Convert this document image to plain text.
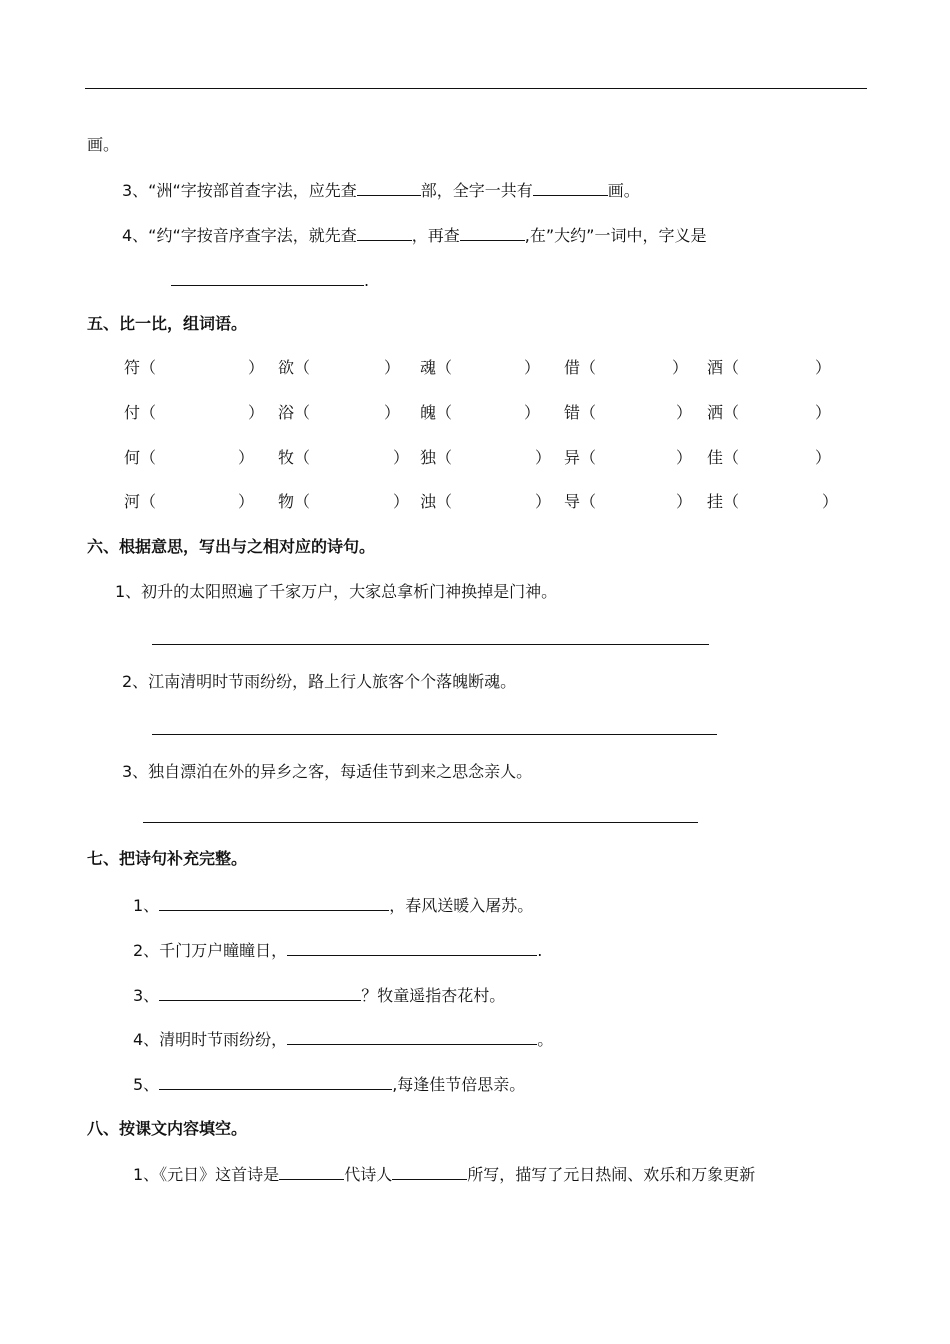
画。
3、“洲“字按部首查字法，应先查	部，全字一共有	画。
4、“约“字按音序查字法，就先查	，再查	,在”大约”一词中，字义是
.
五、比一比，组词语。
符（	） 欲（	） 魂（	） 借（	） 酒（	）
付（	） 浴（	） 魄（	） 错（	） 洒（	）
何（	） 牧（	） 独（	） 异（	） 佳（	）
河（	） 物（	） 浊（	） 导（	） 挂（	）
六、根据意思，写出与之相对应的诗句。
1、初升的太阳照遍了千家万户，大家总拿析门神换掉是门神。
2、江南清明时节雨纷纷，路上行人旅客个个落魄断魂。
3、独自漂泊在外的异乡之客，每适佳节到来之思念亲人。
七、把诗句补充完整。
1、	，春风送暖入屠苏。
2、千门万户瞳瞳日，	.
3、	？牧童遥指杏花村。
4、清明时节雨纷纷，	。
5、	,每逢佳节倍思亲。
八、按课文内容填空。
1、《元日》这首诗是	代诗人	所写，描写了元日热闹、欢乐和万象更新
